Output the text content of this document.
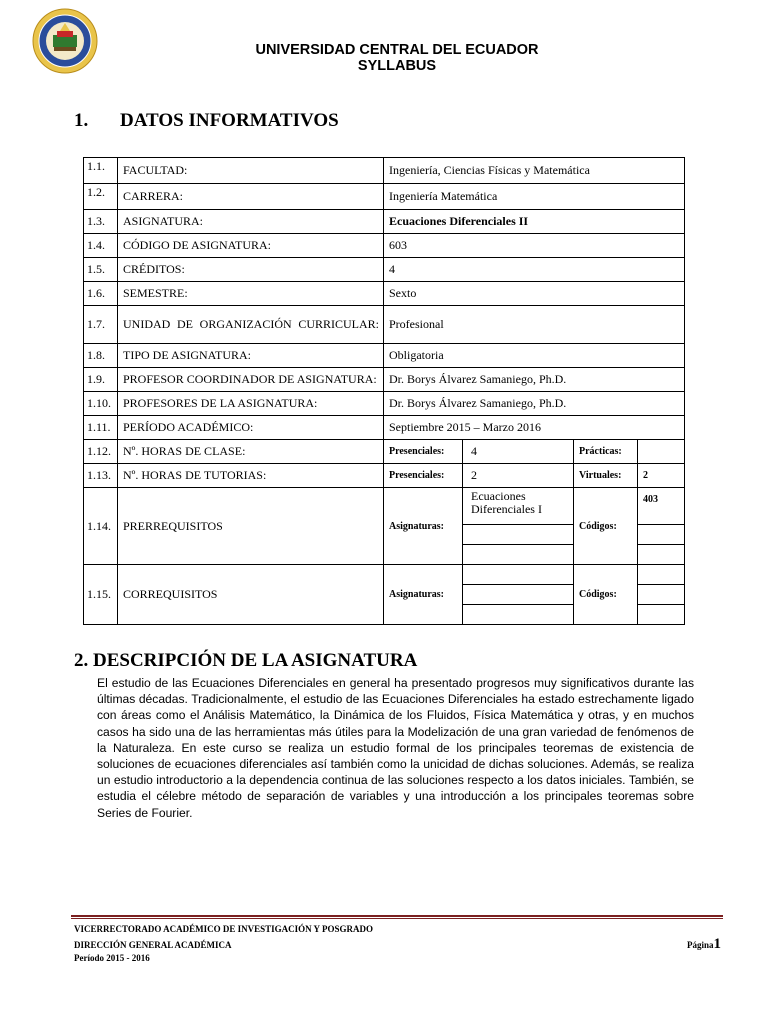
UNIVERSIDAD CENTRAL DEL ECUADOR
SYLLABUS
1. DATOS INFORMATIVOS
1.1.	FACULTAD:	Ingeniería, Ciencias Físicas y Matemática			
1.2.	CARRERA:	Ingeniería Matemática			
1.3.	ASIGNATURA:	Ecuaciones Diferenciales II			
1.4.	CÓDIGO DE ASIGNATURA:	603			
1.5.	CRÉDITOS:	4			
1.6.	SEMESTRE:	Sexto			
1.7.	UNIDAD DE ORGANIZACIÓN CURRICULAR:	Profesional			
1.8.	TIPO DE ASIGNATURA:	Obligatoria			
1.9.	PROFESOR COORDINADOR DE ASIGNATURA:	Dr. Borys Álvarez Samaniego, Ph.D.			
1.10.	PROFESORES DE LA ASIGNATURA:	Dr. Borys Álvarez Samaniego, Ph.D.			
1.11.	PERÍODO ACADÉMICO:	Septiembre 2015 – Marzo 2016			
1.12.	Nº. HORAS DE CLASE:	Presenciales:	4	Prácticas:	
1.13.	Nº. HORAS DE TUTORIAS:	Presenciales:	2	Virtuales:	2
1.14.	PRERREQUISITOS	Asignaturas:	Ecuaciones Diferenciales I	Códigos:	403

1.15.	CORREQUISITOS	Asignaturas:		Códigos:	

2. DESCRIPCIÓN DE LA ASIGNATURA
El estudio de las Ecuaciones Diferenciales en general ha presentado progresos muy significativos durante las últimas décadas. Tradicionalmente, el estudio de las Ecuaciones Diferenciales ha estado estrechamente ligado con áreas como el Análisis Matemático, la Dinámica de los Fluidos, Física Matemática y otras, y en muchos casos ha sido una de las herramientas más útiles para la Modelización de una gran variedad de fenómenos de la Naturaleza. En este curso se realiza un estudio formal de los principales teoremas de existencia de soluciones de ecuaciones diferenciales así también como la unicidad de dichas soluciones. Además, se realiza un estudio introductorio a la dependencia continua de las soluciones respecto a los datos iniciales. También, se estudia el célebre método de separación de variables y una introducción a los principales teoremas sobre Series de Fourier.
VICERRECTORADO ACADÉMICO DE INVESTIGACIÓN Y POSGRADO
DIRECCIÓN GENERAL ACADÉMICA
Período 2015 - 2016
Página1
